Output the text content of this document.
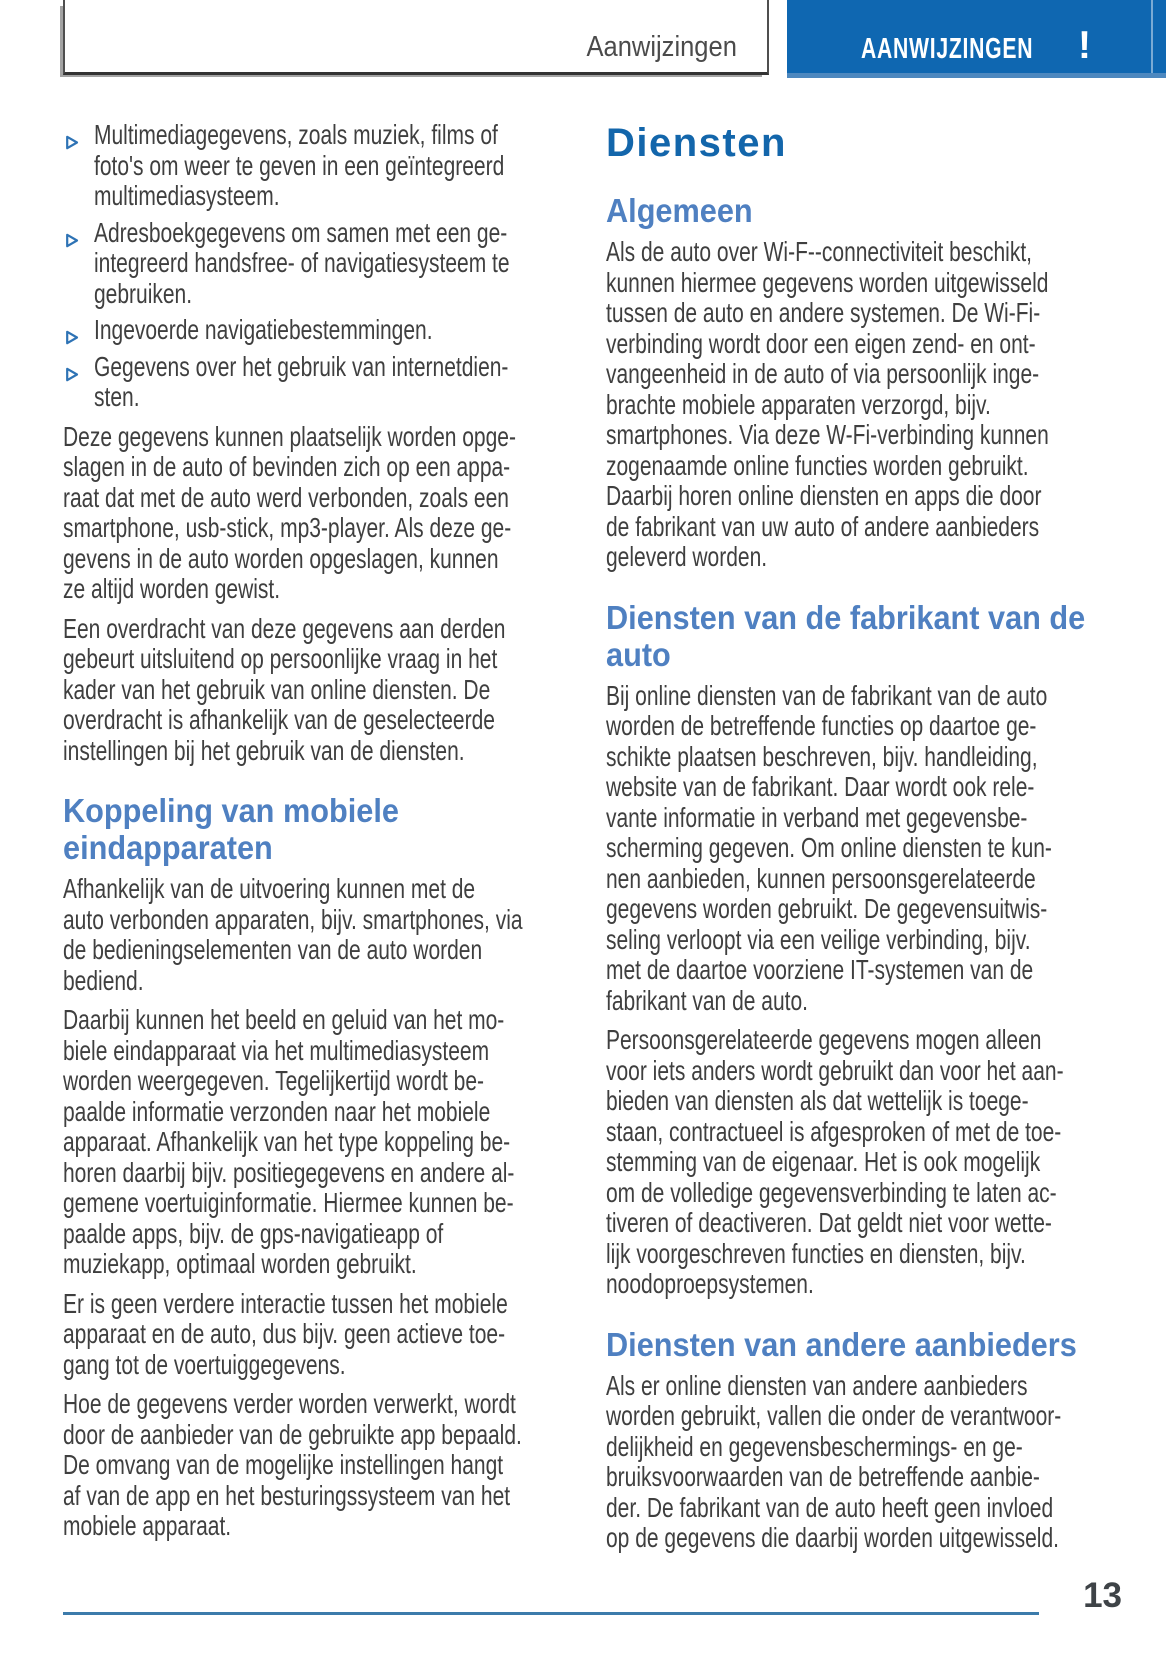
Aanwijzingen	AANWIJZINGEN !
Multimediagegevens, zoals muziek, films of
foto's om weer te geven in een geïntegreerd
multimediasysteem.
Adresboekgegevens om samen met een ge-
integreerd handsfree- of navigatiesysteem te
gebruiken.
Ingevoerde navigatiebestemmingen.
Gegevens over het gebruik van internetdien-
sten.
Deze gegevens kunnen plaatselijk worden opge-
slagen in de auto of bevinden zich op een appa-
raat dat met de auto werd verbonden, zoals een
smartphone, usb-stick, mp3-player. Als deze ge-
gevens in de auto worden opgeslagen, kunnen
ze altijd worden gewist.
Een overdracht van deze gegevens aan derden
gebeurt uitsluitend op persoonlijke vraag in het
kader van het gebruik van online diensten. De
overdracht is afhankelijk van de geselecteerde
instellingen bij het gebruik van de diensten.
Koppeling van mobiele
eindapparaten
Afhankelijk van de uitvoering kunnen met de
auto verbonden apparaten, bijv. smartphones, via
de bedieningselementen van de auto worden
bediend.
Daarbij kunnen het beeld en geluid van het mo-
biele eindapparaat via het multimediasysteem
worden weergegeven. Tegelijkertijd wordt be-
paalde informatie verzonden naar het mobiele
apparaat. Afhankelijk van het type koppeling be-
horen daarbij bijv. positiegegevens en andere al-
gemene voertuiginformatie. Hiermee kunnen be-
paalde apps, bijv. de gps-navigatieapp of
muziekapp, optimaal worden gebruikt.
Er is geen verdere interactie tussen het mobiele
apparaat en de auto, dus bijv. geen actieve toe-
gang tot de voertuiggegevens.
Hoe de gegevens verder worden verwerkt, wordt
door de aanbieder van de gebruikte app bepaald.
De omvang van de mogelijke instellingen hangt
af van de app en het besturingssysteem van het
mobiele apparaat.
Diensten
Algemeen
Als de auto over Wi-F--connectiviteit beschikt,
kunnen hiermee gegevens worden uitgewisseld
tussen de auto en andere systemen. De Wi-Fi-
verbinding wordt door een eigen zend- en ont-
vangeenheid in de auto of via persoonlijk inge-
brachte mobiele apparaten verzorgd, bijv.
smartphones. Via deze W-Fi-verbinding kunnen
zogenaamde online functies worden gebruikt.
Daarbij horen online diensten en apps die door
de fabrikant van uw auto of andere aanbieders
geleverd worden.
Diensten van de fabrikant van de
auto
Bij online diensten van de fabrikant van de auto
worden de betreffende functies op daartoe ge-
schikte plaatsen beschreven, bijv. handleiding,
website van de fabrikant. Daar wordt ook rele-
vante informatie in verband met gegevensbe-
scherming gegeven. Om online diensten te kun-
nen aanbieden, kunnen persoonsgerelateerde
gegevens worden gebruikt. De gegevensuitwis-
seling verloopt via een veilige verbinding, bijv.
met de daartoe voorziene IT-systemen van de
fabrikant van de auto.
Persoonsgerelateerde gegevens mogen alleen
voor iets anders wordt gebruikt dan voor het aan-
bieden van diensten als dat wettelijk is toege-
staan, contractueel is afgesproken of met de toe-
stemming van de eigenaar. Het is ook mogelijk
om de volledige gegevensverbinding te laten ac-
tiveren of deactiveren. Dat geldt niet voor wette-
lijk voorgeschreven functies en diensten, bijv.
noodoproepsystemen.
Diensten van andere aanbieders
Als er online diensten van andere aanbieders
worden gebruikt, vallen die onder de verantwoor-
delijkheid en gegevensbeschermings- en ge-
bruiksvoorwaarden van de betreffende aanbie-
der. De fabrikant van de auto heeft geen invloed
op de gegevens die daarbij worden uitgewisseld.
13
